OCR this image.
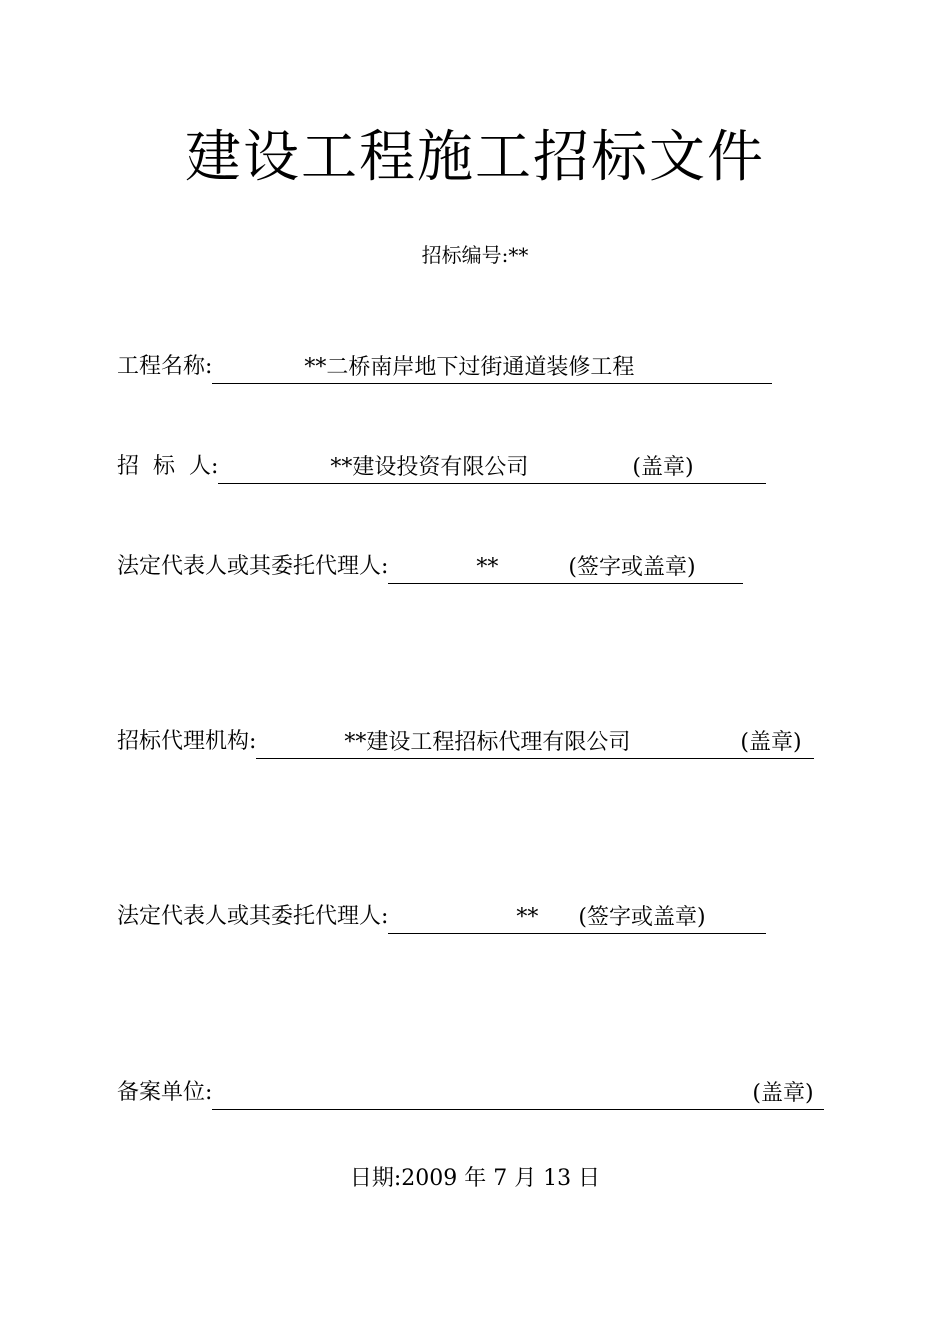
建设工程施工招标文件
招标编号:**
工程名称:	**二桥南岸地下过街通道装修工程
招  标  人:	**建设投资有限公司	(盖章)
法定代表人或其委托代理人:	**	(签字或盖章)
招标代理机构:	**建设工程招标代理有限公司	(盖章)
法定代表人或其委托代理人:	** (签字或盖章)
备案单位:	(盖章)
日期:2009 年 7 月 13 日
